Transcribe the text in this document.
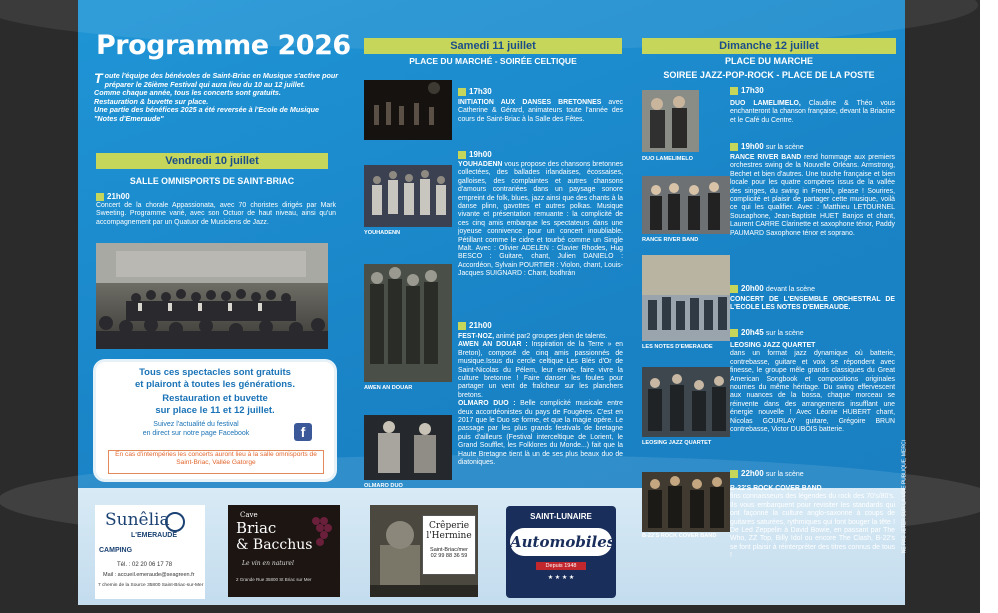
Programme 2026

Toute l'équipe des bénévoles de Saint-Briac en Musique s'active pour préparer le 26ième Festival qui aura lieu du 10 au 12 juillet.

Comme chaque année, tous les concerts sont gratuits.

Restauration & buvette sur place.

Une partie des bénéfices 2025 a été reversée à l'Ecole de Musique "Notes d'Emeraude"

Vendredi 10 juillet
SALLE OMNISPORTS DE SAINT-BRIAC
21h00
Concert de la chorale Appassionata, avec 70 choristes dirigés par Mark Sweeting. Programme varié, avec son Octuor de haut niveau, ainsi qu'un accompagnement par un Quatuor de Musiciens de Jazz.
Tous ces spectacles sont gratuits
et plairont à toutes les générations.
Restauration et buvette
sur place le 11 et 12 juillet.
Suivez l'actualité du festival
en direct sur notre page Facebook	f
En cas d'intempéries les concerts auront lieu à la salle omnisports de Saint-Briac, Vallée Gatorge
Samedi 11 juillet
PLACE DU MARCHÉ - SOIRÉE CELTIQUE
17h30
INITIATION AUX DANSES BRETONNES avec Catherine & Gérard, animateurs toute l'année des cours de Saint-Briac à la Salle des Fêtes.
19h00
YOUHADENN
YOUHADENN vous propose des chansons bretonnes collectées, des ballades irlandaises, écossaises, galloises, des complaintes et autres chansons d'amours contrariées dans un paysage sonore empreint de folk, blues, jazz ainsi que des chants à la danse plinn, gavottes et autres polkas. Musique vivante et présentation remuante : la complicité de ces cinq amis embarque les spectateurs dans une joyeuse connivence pour un concert inoubliable. Pétillant comme le cidre et tourbé comme un Single Malt. Avec : Olivier ADELEN : Clavier Rhodes, Hug BESCO : Guitare, chant, Julien DANIELO : Accordéon, Sylvain POURTIER : Violon, chant, Louis-Jacques SUIGNARD : Chant, bodhrán
AWEN AN DOUAR
21h00
FEST-NOZ, animé par2 groupes plein de talents.
AWEN AN DOUAR : Inspiration de la Terre » en Breton), composé de cinq amis passionnés de musique.Issus du cercle celtique Les Blés d'Or de Saint-Nicolas du Pélem, leur envie, faire vivre la culture bretonne ! Faire danser les foules pour partager un vent de fraîcheur sur les planchers bretons.
OLMARO DUO : Belle complicité musicale entre deux accordéonistes du pays de Fougères. C'est en 2017 que le Duo se forme, et que la magie opère. Le passage par les plus grands festivals de bretagne puis d'ailleurs (Festival interceltique de Lorient, le Grand Soufflet, les Folklores du Monde...) fait que la Haute Bretagne tient là un de ses plus beaux duo de diatoniques.
OLMARO DUO
Dimanche 12 juillet
PLACE DU MARCHE
SOIREE JAZZ-POP-ROCK - PLACE DE LA POSTE
DUO LAMELIMELO
17h30
DUO LAMELIMELO, Claudine & Théo vous enchanteront la chanson française, devant la Briacine et le Café du Centre.
19h00 sur la scène
RANCE RIVER BAND
RANCE RIVER BAND rend hommage aux premiers orchestres swing de la Nouvelle Orléans. Armstrong, Bechet et bien d'autres. Une touche française et bien locale pour les quatre compères issus de la vallée des singes, du swing in French, please ! Sourires, complicité et plaisir de partager cette musique, voilà ce qui les qualifier. Avec : Matthieu LETOURNEL Sousaphone, Jean-Baptiste HUET Banjos et chant, Laurent CARRE Clarinette et saxophone ténor, Paddy PAUMARD Saxophone ténor et soprano.
20h00 devant la scène
LES NOTES D'EMERAUDE
CONCERT DE L'ENSEMBLE ORCHESTRAL DE L'ECOLE LES NOTES D'EMERAUDE.
20h45 sur la scène
LEOSING JAZZ QUARTET
LEOSING JAZZ QUARTET
dans un format jazz dynamique où batterie, contrebasse, guitare et voix se répondent avec finesse, le groupe mêle grands classiques du Great American Songbook et compositions originales nourries du même héritage. Du swing effervescent aux nuances de la bossa, chaque morceau se réinvente dans des arrangements insufflant une énergie nouvelle ! Avec Léonie HUBERT chant, Nicolas GOURLAY guitare, Grégoire BRUN contrebasse, Victor DUBOIS batterie.
22h00 sur la scène
B-22'S ROCK COVER BAND
B-22'S ROCK COVER BAND
fins connaisseurs des légendes du rock des 70's/80's. Ils vous embarquent pour revisiter les standards qui ont façonné la culture anglo-saxonne à coups de guitares saturées, rythmiques qui font bouger la tête ! De Led Zeppelin à David Bowie, en passant par The Who, ZZ Top, Billy Idol ou encore The Clash, B-22's se font plaisir à réinterpréter des titres connus de tous !
Sunêlia
L'EMERAUDE
CAMPING
Tél. : 02 20 06 17 78
Mail : accueil.emeraude@seagreen.fr
7 chemin de la Source 35800 Saint-Briac-sur-Mer
Cave
Briac
& Bacchus
Le vin en naturel
2 Grande Rue 35800 St Briac sur Mer
Crêperie
l'Hermine
Saint-Briac/mer
02 99 88 36 59
SAINT-LUNAIRE
Automobiles
Depuis 1948
★ ★ ★ ★
NE PAS JETER SUR LA VOIE PUBLIQUE, MERCI
